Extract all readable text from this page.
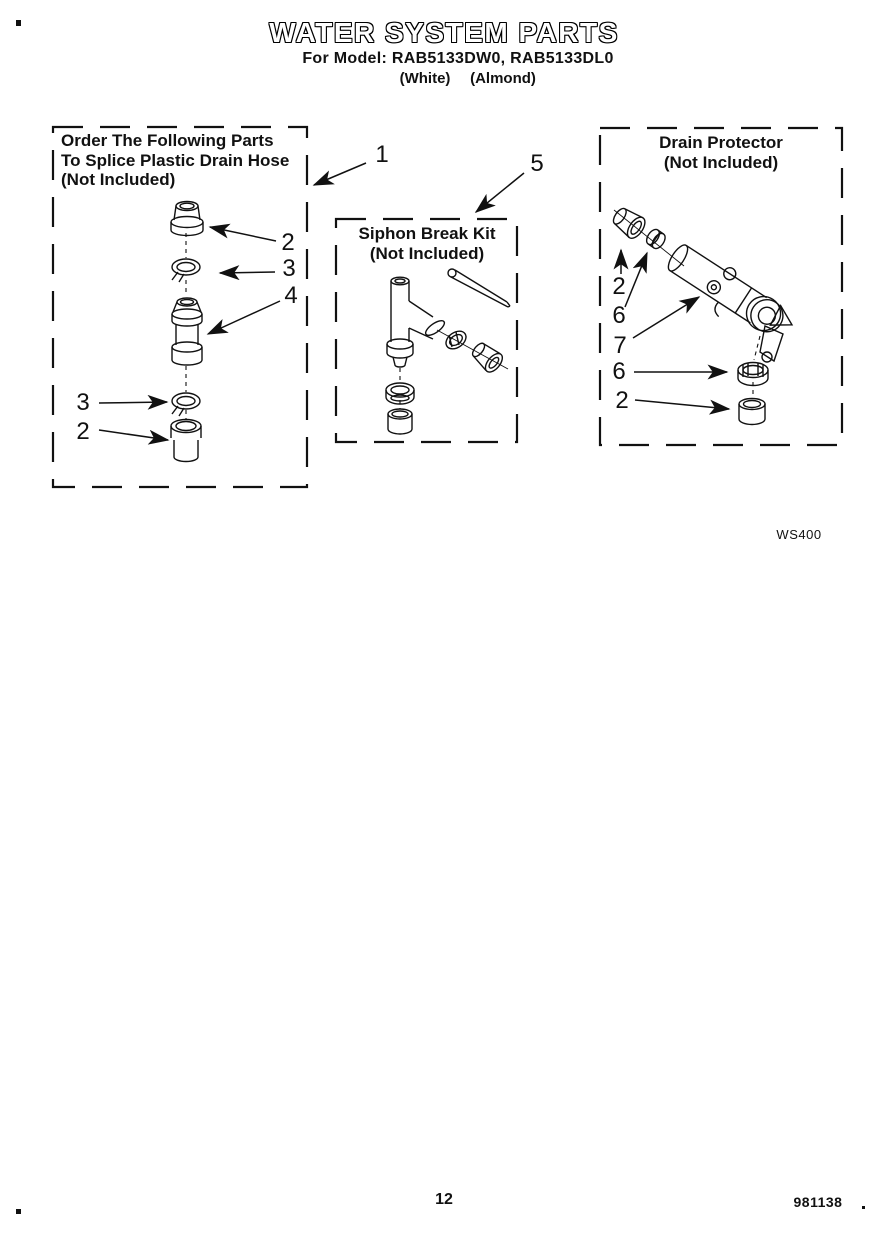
WATER SYSTEM PARTS
For Model: RAB5133DW0, RAB5133DL0
(White) (Almond)
Order The Following Parts
To Splice Plastic Drain Hose
(Not Included)
Siphon Break Kit
(Not Included)
Drain Protector
(Not Included)
1	5
2
3
4
3
2
2
6
7
6
2
WS400
12	981138
